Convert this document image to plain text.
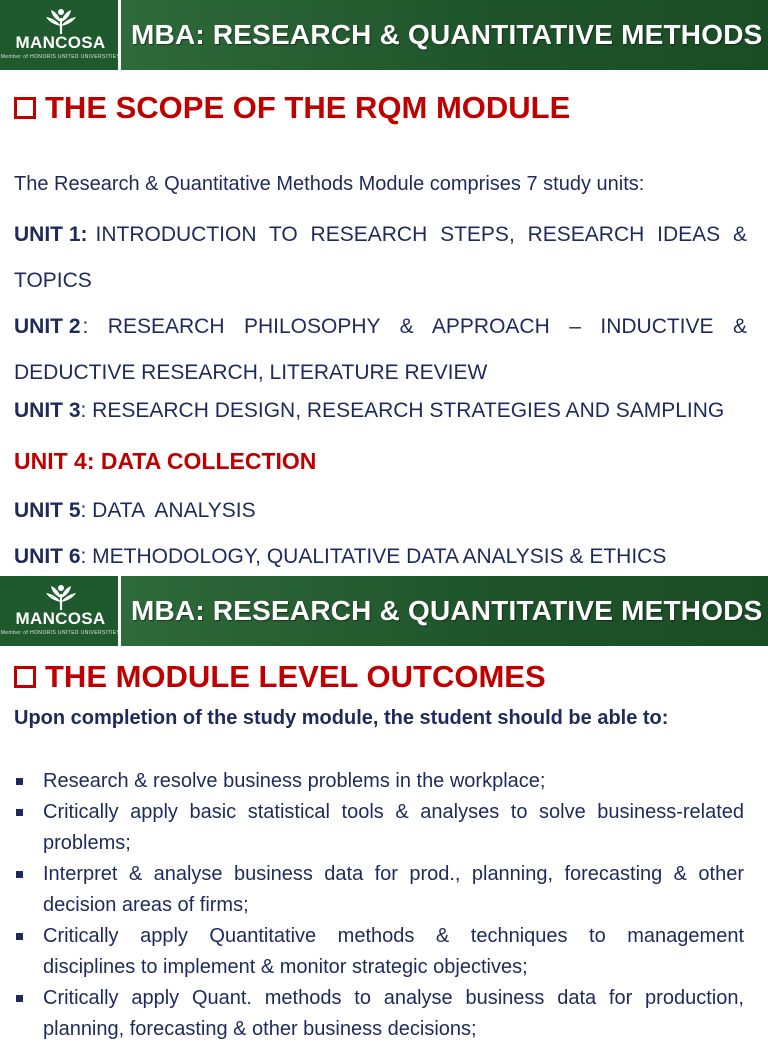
MANCOSA
Member of HONORIS UNITED UNIVERSITIES
MBA: RESEARCH & QUANTITATIVE METHODS
THE SCOPE OF THE RQM MODULE
The Research & Quantitative Methods Module comprises 7 study units:
UNIT 1: INTRODUCTION TO RESEARCH STEPS, RESEARCH IDEAS &
TOPICS
UNIT 2 : RESEARCH PHILOSOPHY & APPROACH – INDUCTIVE &
DEDUCTIVE RESEARCH, LITERATURE REVIEW
UNIT 3: RESEARCH DESIGN, RESEARCH STRATEGIES AND SAMPLING
UNIT 4: DATA COLLECTION
UNIT 5: DATA  ANALYSIS
UNIT 6: METHODOLOGY, QUALITATIVE DATA ANALYSIS & ETHICS
MANCOSA
Member of HONORIS UNITED UNIVERSITIES
MBA: RESEARCH & QUANTITATIVE METHODS
THE MODULE LEVEL OUTCOMES
Upon completion of the study module, the student should be able to:
Research & resolve business problems in the workplace;
Critically apply basic statistical tools & analyses to solve business-related
problems;
Interpret & analyse business data for prod., planning, forecasting & other
decision areas of firms;
Critically apply Quantitative methods & techniques to management
disciplines to implement & monitor strategic objectives;
Critically apply Quant. methods to analyse business data for production,
planning, forecasting & other business decisions;
